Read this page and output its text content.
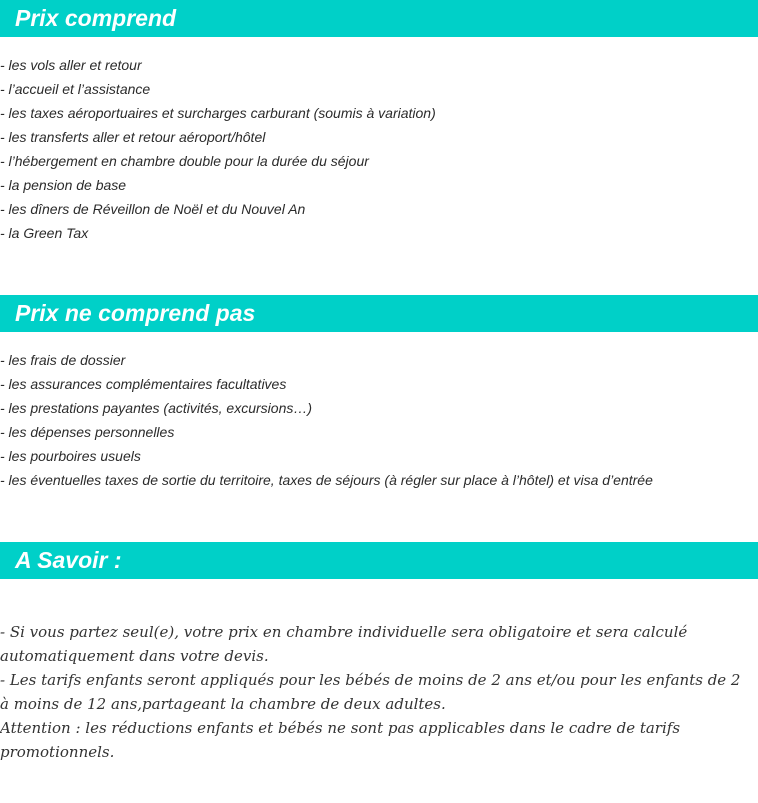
Prix comprend
- les vols aller et retour
- l’accueil et l’assistance
- les taxes aéroportuaires et surcharges carburant (soumis à variation)
- les transferts aller et retour aéroport/hôtel
- l’hébergement en chambre double pour la durée du séjour
- la pension de base
- les dîners de Réveillon de Noël et du Nouvel An
- la Green Tax
Prix ne comprend pas
- les frais de dossier
- les assurances complémentaires facultatives
- les prestations payantes (activités, excursions…)
- les dépenses personnelles
- les pourboires usuels
- les éventuelles taxes de sortie du territoire, taxes de séjours (à régler sur place à l’hôtel) et visa d’entrée
A Savoir :

- Si vous partez seul(e), votre prix en chambre individuelle sera obligatoire et sera calculé automatiquement dans votre devis.

- Les tarifs enfants seront appliqués pour les bébés de moins de 2 ans et/ou pour les enfants de 2 à moins de 12 ans,partageant la chambre de deux adultes.

Attention : les réductions enfants et bébés ne sont pas applicables dans le cadre de tarifs promotionnels.
